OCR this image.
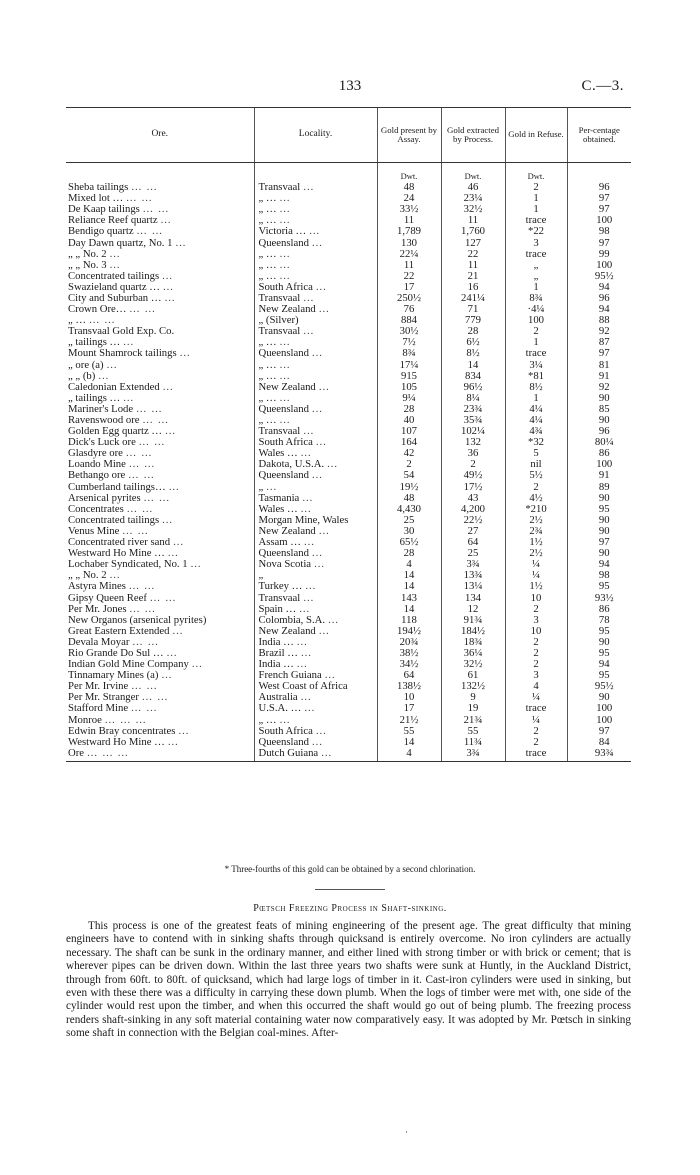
133	C.—3.
Ore.	Locality.	Gold present by Assay.	Gold extracted by Process.	Gold in Refuse.	Per-centage obtained.
		Dwt.	Dwt.	Dwt.	
Sheba tailings … …	Transvaal …	48	46	2	96
Mixed lot … … …	„ … …	24	23¼	1	97
De Kaap tailings … …	„ … …	33½	32½	1	97
Reliance Reef quartz …	„ … …	11	11	trace	100
Bendigo quartz … …	Victoria … …	1,789	1,760	*22	98
Day Dawn quartz, No. 1 …	Queensland …	130	127	3	97
„ „ No. 2 …	„ … …	22¼	22	trace	99
„ „ No. 3 …	„ … …	11	11	„	100
Concentrated tailings …	„ … …	22	21	„	95½
Swazieland quartz … …	South Africa …	17	16	1	94
City and Suburban … …	Transvaal …	250½	241¼	8¾	96
Crown Ore… … …	New Zealand …	76	71	·4¼	94
„ … … …	„ (Silver)	884	779	100	88
Transvaal Gold Exp. Co.	Transvaal …	30½	28	2	92
„ tailings … …	„ … …	7½	6½	1	87
Mount Shamrock tailings …	Queensland …	8¾	8½	trace	97
„ ore (a) …	„ … …	17¼	14	3¼	81
„ „ (b) …	„ … …	915	834	*81	91
Caledonian Extended …	New Zealand …	105	96½	8½	92
„ tailings … …	„ … …	9¼	8¼	1	90
Mariner's Lode … …	Queensland …	28	23¾	4¼	85
Ravenswood ore … …	„ … …	40	35¾	4¼	90
Golden Egg quartz … …	Transvaal …	107	102¼	4¾	96
Dick's Luck ore … …	South Africa …	164	132	*32	80¼
Glasdyre ore … …	Wales … …	42	36	5	86
Loando Mine … …	Dakota, U.S.A. …	2	2	nil	100
Bethango ore … …	Queensland …	54	49½	5½	91
Cumberland tailings… …	„ …	19½	17½	2	89
Arsenical pyrites … …	Tasmania …	48	43	4½	90
Concentrates … …	Wales … …	4,430	4,200	*210	95
Concentrated tailings …	Morgan Mine, Wales	25	22½	2½	90
Venus Mine … …	New Zealand …	30	27	2¾	90
Concentrated river sand …	Assam … …	65½	64	1½	97
Westward Ho Mine … …	Queensland …	28	25	2½	90
Lochaber Syndicated, No. 1 …	Nova Scotia …	4	3¾	¼	94
„ „ No. 2 …	„	14	13¾	¼	98
Astyra Mines … …	Turkey … …	14	13¼	1½	95
Gipsy Queen Reef … …	Transvaal …	143	134	10	93½
Per Mr. Jones … …	Spain … …	14	12	2	86
New Organos (arsenical pyrites)	Colombia, S.A. …	118	91¾	3	78
Great Eastern Extended …	New Zealand …	194½	184½	10	95
Devala Moyar … …	India … …	20¾	18¾	2	90
Rio Grande Do Sul … …	Brazil … …	38½	36¼	2	95
Indian Gold Mine Company …	India … …	34½	32½	2	94
Tinnamary Mines (a) …	French Guiana …	64	61	3	95
Per Mr. Irvine … …	West Coast of Africa	138½	132½	4	95½
Per Mr. Stranger … …	Australia …	10	9	¼	90
Stafford Mine … …	U.S.A. … …	17	19	trace	100
Monroe … … …	„ … …	21½	21¾	¼	100
Edwin Bray concentrates …	South Africa …	55	55	2	97
Westward Ho Mine … …	Queensland …	14	11¾	2	84
Ore … … …	Dutch Guiana …	4	3¾	trace	93¾
* Three-fourths of this gold can be obtained by a second chlorination.
Pœtsch Freezing Process in Shaft-sinking.

This process is one of the greatest feats of mining engineering of the present age. The great difficulty that mining engineers have to contend with in sinking shafts through quicksand is entirely overcome. No iron cylinders are actually necessary. The shaft can be sunk in the ordinary manner, and either lined with strong timber or with brick or cement; that is wherever pipes can be driven down. Within the last three years two shafts were sunk at Huntly, in the Auckland District, through from 60ft. to 80ft. of quicksand, which had large logs of timber in it. Cast-iron cylinders were used in sinking, but even with these there was a difficulty in carrying these down plumb. When the logs of timber were met with, one side of the cylinder would rest upon the timber, and when this occurred the shaft would go out of being plumb. The freezing process renders shaft-sinking in any soft material containing water now comparatively easy. It was adopted by Mr. Pœtsch in sinking some shaft in connection with the Belgian coal-mines. After-

·
